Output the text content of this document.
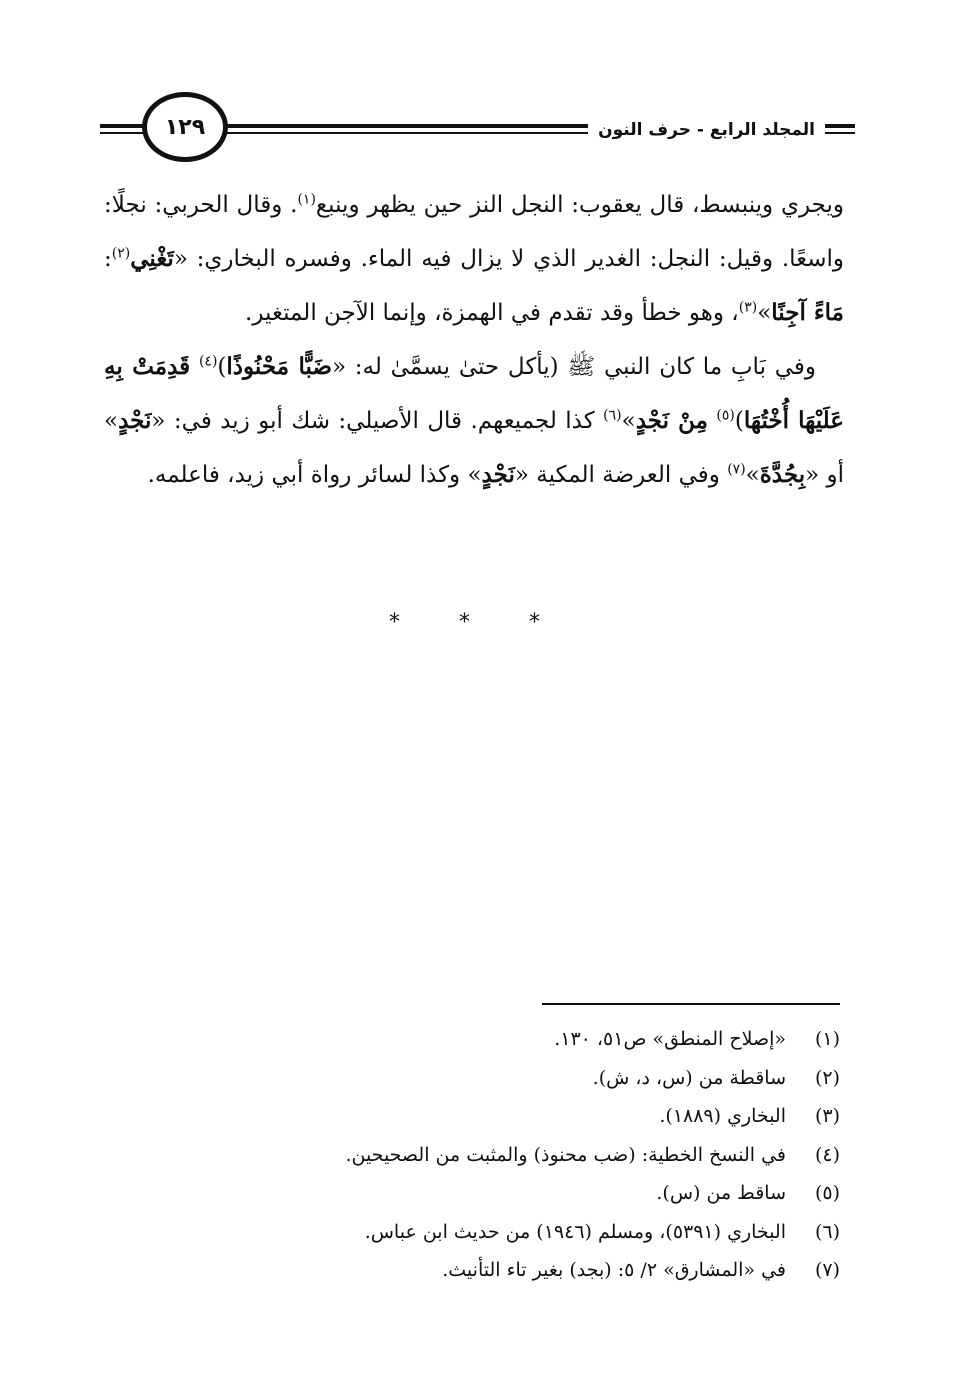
١٢٩	المجلد الرابع - حرف النون

ويجري وينبسط، قال يعقوب: النجل النز حين يظهر وينبع$^{(١)}$. وقال الحربي: نجلًا: واسعًا. وقيل: النجل: الغدير الذي لا يزال فيه الماء. وفسره البخاري: «تَغْنِي$^{(٢)}$: مَاءً آجِنًا»$^{(٣)}$، وهو خطأ وقد تقدم في الهمزة، وإنما الآجن المتغير.

وفي بَابِ ما كان النبي ﷺ (يأكل حتىٰ يسمَّىٰ له: «ضَبًّا مَحْنُوذًا)$^{(٤)}$ قَدِمَتْ بِهِ عَلَيْهَا أُخْتُهَا)$^{(٥)}$ مِنْ نَجْدٍ»$^{(٦)}$ كذا لجميعهم. قال الأصيلي: شك أبو زيد في: «نَجْدٍ» أو «بِجُدَّةَ»$^{(٧)}$ وفي العرضة المكية «نَجْدٍ» وكذا لسائر رواة أبي زيد، فاعلمه.

* * *
(١)
«إصلاح المنطق» ص٥١، ١٣٠.
(٢)
ساقطة من (س، د، ش).
(٣)
البخاري (١٨٨٩).
(٤)
في النسخ الخطية: (ضب محنوذ) والمثبت من الصحيحين.
(٥)
ساقط من (س).
(٦)
البخاري (٥٣٩١)، ومسلم (١٩٤٦) من حديث ابن عباس.
(٧)
في «المشارق» ٢/ ٥: (بجد) بغير تاء التأنيث.
